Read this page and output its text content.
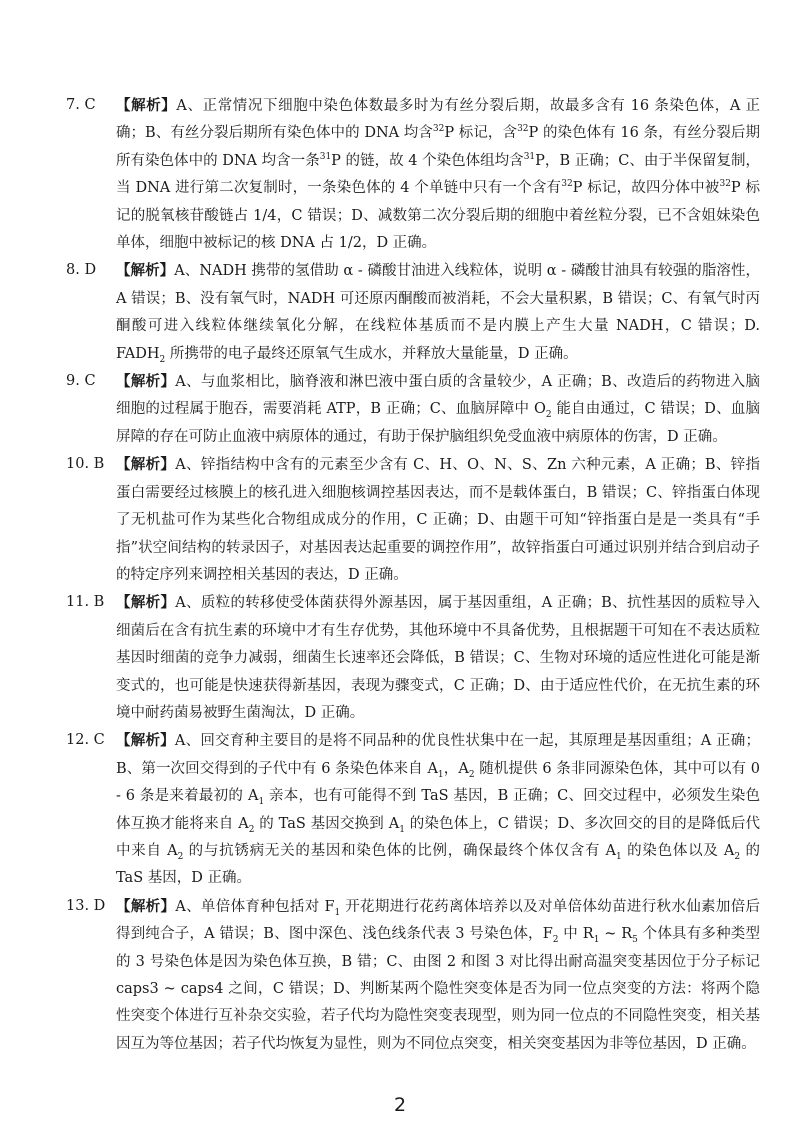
7. C	【解析】A、正常情况下细胞中染色体数最多时为有丝分裂后期，故最多含有 16 条染色体，A 正确；B、有丝分裂后期所有染色体中的 DNA 均含$^{32}$P 标记，含$^{32}$P 的染色体有 16 条，有丝分裂后期所有染色体中的 DNA 均含一条$^{31}$P 的链，故 4 个染色体组均含$^{31}$P，B 正确；C、由于半保留复制，当 DNA 进行第二次复制时，一条染色体的 4 个单链中只有一个含有$^{32}$P 标记，故四分体中被$^{32}$P 标记的脱氧核苷酸链占 1/4，C 错误；D、减数第二次分裂后期的细胞中着丝粒分裂，已不含姐妹染色单体，细胞中被标记的核 DNA 占 1/2，D 正确。

8. D	【解析】A、NADH 携带的氢借助 α - 磷酸甘油进入线粒体，说明 α - 磷酸甘油具有较强的脂溶性，A 错误；B、没有氧气时，NADH 可还原丙酮酸而被消耗，不会大量积累，B 错误；C、有氧气时丙酮酸可进入线粒体继续氧化分解，在线粒体基质而不是内膜上产生大量 NADH，C 错误；D. $FADH_2$ 所携带的电子最终还原氧气生成水，并释放大量能量，D 正确。

9. C	【解析】A、与血浆相比，脑脊液和淋巴液中蛋白质的含量较少，A 正确；B、改造后的药物进入脑细胞的过程属于胞吞，需要消耗 ATP，B 正确；C、血脑屏障中 $O_2$ 能自由通过，C 错误；D、血脑屏障的存在可防止血液中病原体的通过，有助于保护脑组织免受血液中病原体的伤害，D 正确。

10. B 【解析】A、锌指结构中含有的元素至少含有 C、H、O、N、S、Zn 六种元素，A 正确；B、锌指蛋白需要经过核膜上的核孔进入细胞核调控基因表达，而不是载体蛋白，B 错误；C、锌指蛋白体现了无机盐可作为某些化合物组成成分的作用，C 正确；D、由题干可知“锌指蛋白是是一类具有“手指”状空间结构的转录因子，对基因表达起重要的调控作用”，故锌指蛋白可通过识别并结合到启动子的特定序列来调控相关基因的表达，D 正确。

11. B 【解析】A、质粒的转移使受体菌获得外源基因，属于基因重组，A 正确；B、抗性基因的质粒导入细菌后在含有抗生素的环境中才有生存优势，其他环境中不具备优势，且根据题干可知在不表达质粒基因时细菌的竞争力减弱，细菌生长速率还会降低，B 错误；C、生物对环境的适应性进化可能是渐变式的，也可能是快速获得新基因，表现为骤变式，C 正确；D、由于适应性代价，在无抗生素的环境中耐药菌易被野生菌淘汰，D 正确。

12. C 【解析】A、回交育种主要目的是将不同品种的优良性状集中在一起，其原理是基因重组；A 正确；B、第一次回交得到的子代中有 6 条染色体来自 $A_1$，$A_2$ 随机提供 6 条非同源染色体，其中可以有 0 - 6 条是来着最初的 $A_1$ 亲本，也有可能得不到 TaS 基因，B 正确；C、回交过程中，必须发生染色体互换才能将来自 $A_2$ 的 TaS 基因交换到 $A_1$ 的染色体上，C 错误；D、多次回交的目的是降低后代中来自 $A_2$ 的与抗锈病无关的基因和染色体的比例，确保最终个体仅含有 $A_1$ 的染色体以及 $A_2$ 的 TaS 基因，D 正确。

13. D 【解析】A、单倍体育种包括对 $F_1$ 开花期进行花药离体培养以及对单倍体幼苗进行秋水仙素加倍后得到纯合子，A 错误；B、图中深色、浅色线条代表 3 号染色体，$F_2$ 中 $R_1$ ~ $R_5$ 个体具有多种类型的 3 号染色体是因为染色体互换，B 错；C、由图 2 和图 3 对比得出耐高温突变基因位于分子标记 caps3 ~ caps4 之间，C 错误；D、判断某两个隐性突变体是否为同一位点突变的方法：将两个隐性突变个体进行互补杂交实验，若子代均为隐性突变表现型，则为同一位点的不同隐性突变，相关基因互为等位基因；若子代均恢复为显性，则为不同位点突变，相关突变基因为非等位基因，D 正确。

2
